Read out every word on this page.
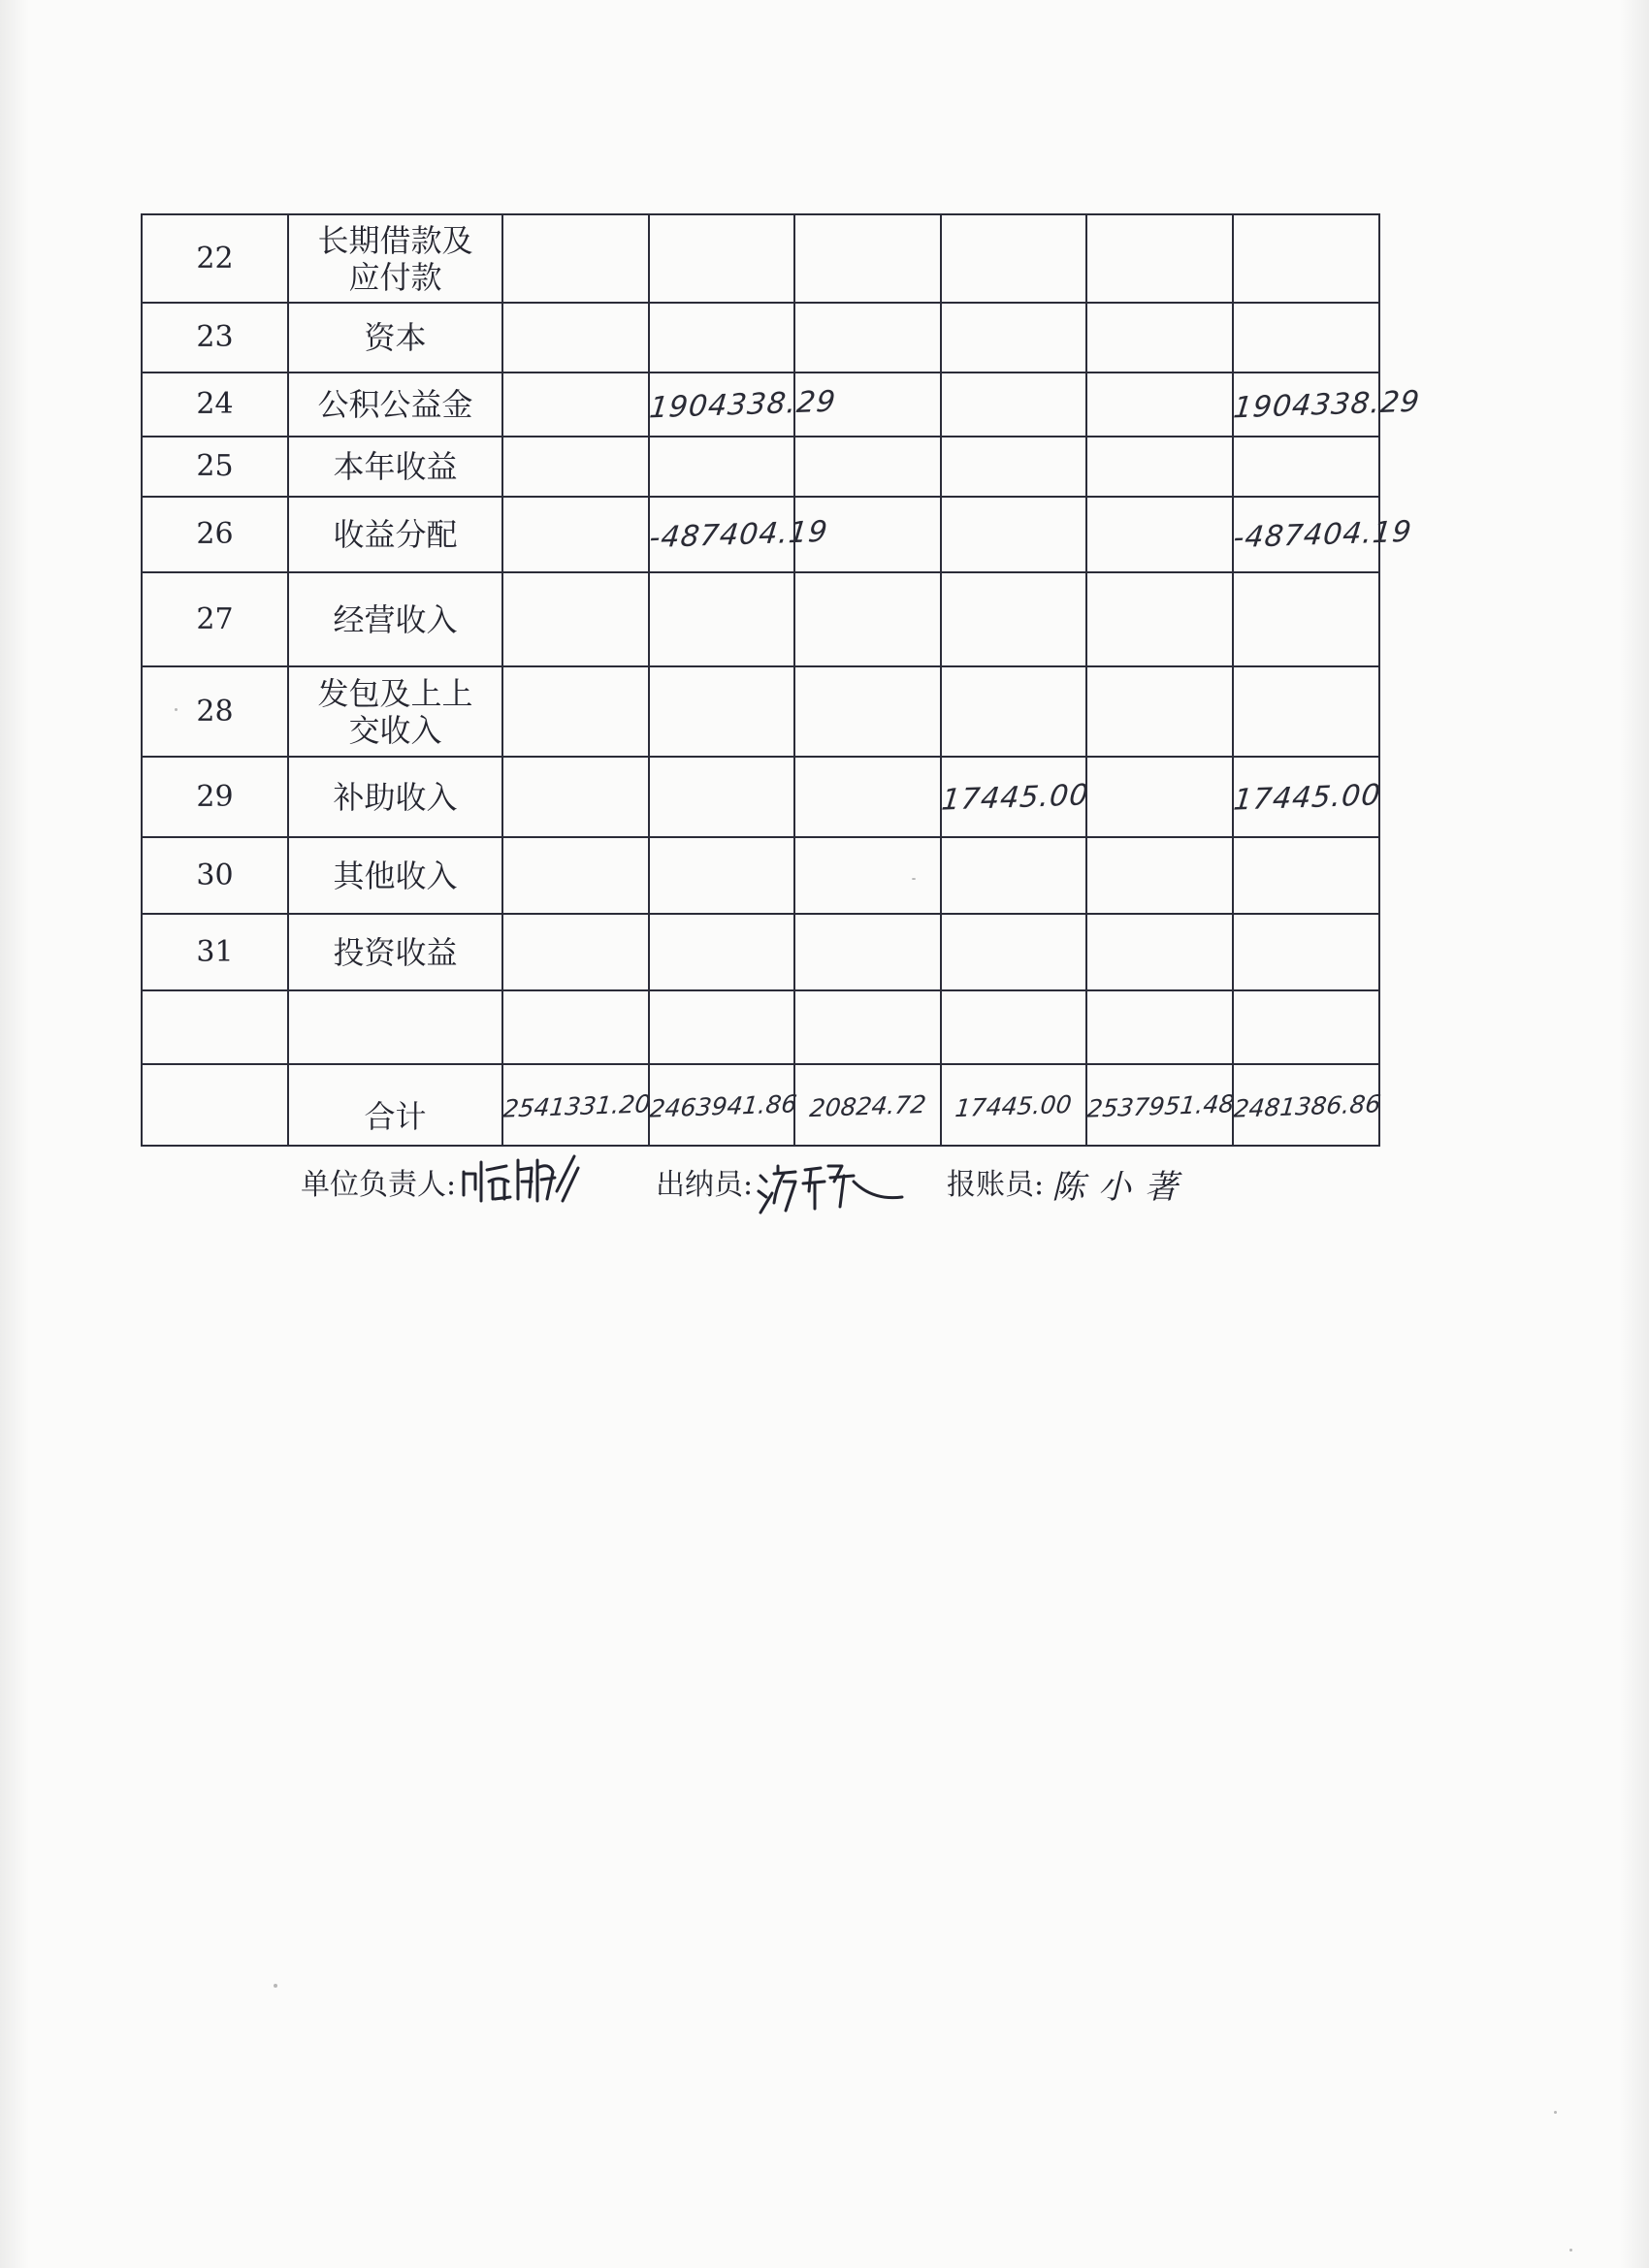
22	长期借款及应付款						

23	资本						
24	公积公益金		1904338.29				1904338.29
25	本年收益						
26	收益分配		-487404.19				-487404.19
27	经营收入						
28	发包及上上交收入						

29	补助收入				17445.00		17445.00
30	其他收入						
31	投资收益						

	合计	2541331.20	2463941.86	20824.72	17445.00	2537951.48	2481386.86
单位负责人:	出纳员:	报账员: 陈小著
